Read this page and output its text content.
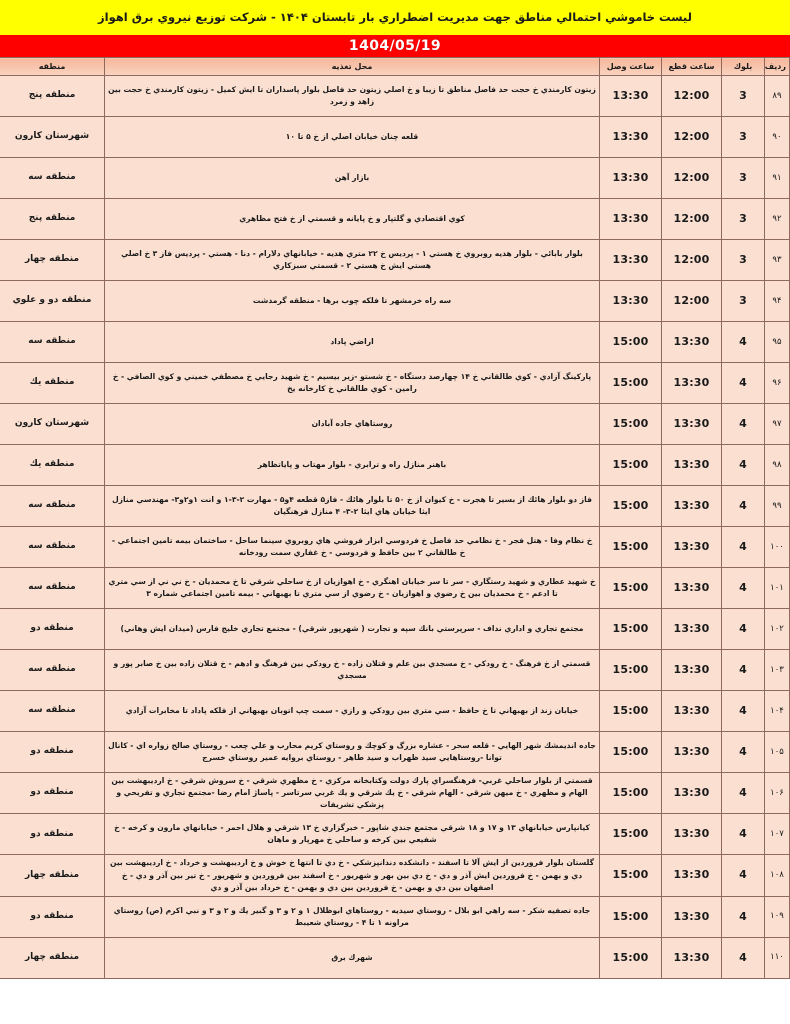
ليست خاموشي احتمالي مناطق جهت مديريت اضطراري بار تابستان ۱۴۰۴ - شركت توزيع نيروي برق اهواز
1404/05/19
رديف	بلوك	ساعت قطع	ساعت وصل	محل تغذيه	منطقه
۸۹	3	12:00	13:30	زيتون كارمندي خ حجت حد فاصل مناطق تا زيبا و خ اصلي زيتون حد فاصل بلوار پاسداران تا ايش كميل - زيتون كارمندي خ حجت بين زاهد و زمرد	منطقه پنج
۹۰	3	12:00	13:30	قلعه چنان خيابان اصلي از خ ۵ تا ۱۰	شهرستان كارون
۹۱	3	12:00	13:30	بازار آهن	منطقه سه
۹۲	3	12:00	13:30	كوي اقتصادي و گلتپار و خ پايانه و قسمتي از خ فتح مظاهري	منطقه پنج
۹۳	3	12:00	13:30	بلوار بابائي - بلوار هديه روبروي خ هستي ۱ - پرديس خ ۲۲ متري هديه - خيابانهاي دلارام - دنا - هستي - پرديس فاز ۳ خ اصلي هستي ايش خ هستي ۲ - قسمتي سبزكاري	منطقه چهار
۹۴	3	12:00	13:30	سه راه خرمشهر تا فلكه چوب برها - منطقه گرمدشت	منطقه دو و علوي
۹۵	4	13:30	15:00	اراضي پاداد	منطقه سه
۹۶	4	13:30	15:00	پاركينگ آزادي - كوي طالقاني خ ۱۴ چهارصد دستگاه - خ شستو -زير بيسيم - خ شهيد رجايي خ مصطفي خميني و كوي الصافي - خ رامين - كوي طالقاني خ كارخانه يخ	منطقه يك
۹۷	4	13:30	15:00	روستاهاي جاده آبادان	شهرستان كارون
۹۸	4	13:30	15:00	باهنر منازل راه و ترابري - بلوار مهتاب و پاياتظاهر	منطقه يك
۹۹	4	13:30	15:00	فاز دو بلوار هائك از بسير تا هجرت - خ كيوان از خ ۵۰ تا بلوار هائك - فاز۵ قطعه ۴و۵ - مهارت ۲-۳-۱ و انت ۱و۲و۳- مهندسي منازل ايثا خيابان هاي ايثا ۲-۳- ۴ منازل فرهنگيان	منطقه سه
۱۰۰	4	13:30	15:00	خ نظام وفا - هتل فجر - خ نظامي حد فاصل خ فردوسي ابزار فروشي هاي روبروي سينما ساحل - ساختمان بيمه تامين اجتماعي - خ طالقاني ۲ بين حافظ و فردوسي - خ غفاري سمت رودخانه	منطقه سه
۱۰۱	4	13:30	15:00	خ شهيد عطاري و شهيد رستگاري - سر تا سر خيابان اهنگري - خ اهوازيان از خ ساحلي شرقي تا خ محمديان - خ ني ني از سي متري تا ادعم - خ محمديان بين خ رضوي و اهوازيان - خ رضوي از سي متري تا بهبهاني - بيمه تامين اجتماعي شماره ۳	منطقه سه
۱۰۲	4	13:30	15:00	مجتمع تجاري و اداري نداف - سرپرستي بانك سپه و تجارت ( شهرپور شرقي) - مجتمع تجاري خليج فارس (ميدان ايش وهاني)	منطقه دو
۱۰۳	4	13:30	15:00	قسمتي از خ فرهنگ - خ رودكي - خ مسجدي بين علم و قتلان زاده - خ رودكي بين فرهنگ و ادهم - خ قتلان زاده بين خ صابر پور و مسجدي	منطقه سه
۱۰۴	4	13:30	15:00	خيابان زند از بهبهاني تا خ حافظ - سي متري بين رودكي و رازي - سمت چپ اتوبان بهبهاني از فلكه پاداد تا مخابرات آزادي	منطقه سه
۱۰۵	4	13:30	15:00	جاده انديمشك شهر الهايي - قلعه سحر - عشاره بزرگ و كوچك و روستاي كريم محارب و علي چعب - روستاي صالح زواره اي - كانال توانا -روستاهايي سيد ظهراب و سيد طاهر - روستاي بروايه عمير روستاي خسرج	منطقه دو
۱۰۶	4	13:30	15:00	قسمتي از بلوار ساحلي غربي- فرهنگسراي پارك دولت وكتابخانه مركزي - خ مظهري شرقي - خ سروش شرقي - خ ارديبهشت بين الهام و مظهري - خ ميهن شرقي - الهام شرقي - خ يك شرقي و يك غربي سرتاسر - پاساژ امام رضا -مجتمع تجاري و تفريحي و پزشكي تشريفات	منطقه دو
۱۰۷	4	13:30	15:00	كيانپارس خيابانهاي ۱۳ و ۱۷ و ۱۸ شرقي مجتمع جندي شاپور - خبرگزاري خ ۱۳ شرقي و هلال احمر - خيابانهاي مارون و كرخه - خ شفيعي بين كرخه و ساحلي خ مهرپار و ماهان	منطقه دو
۱۰۸	4	13:30	15:00	گلستان بلوار فروردين از ايش آلا تا اسفند - دانشكده دندانپزشكي - خ دي تا انتها خ خوش و خ ارديبهشت و خرداد - خ ارديبهشت بين دي و بهمن - خ فروردين ايش آذر و دي - خ دي بين بهر و شهريور - خ اسفند بين فروردين و شهريور - خ تير بين آذر و دي - خ اصفهان بين دي و بهمن - خ فروردين بين دي و بهمن - خ خرداد بين آذر و دي	منطقه چهار
۱۰۹	4	13:30	15:00	جاده تصفيه شكر - سه راهي ابو بلال - روستاي سيديه - روستاهاي ابوظلال ۱ و ۲ و ۳ و گبير يك و ۲ و ۳ و نبي اكرم (ص) روستاي مراونه ۱ تا ۴ - روستاي شعيبط	منطقه دو
۱۱۰	4	13:30	15:00	شهرك برق	منطقه چهار
